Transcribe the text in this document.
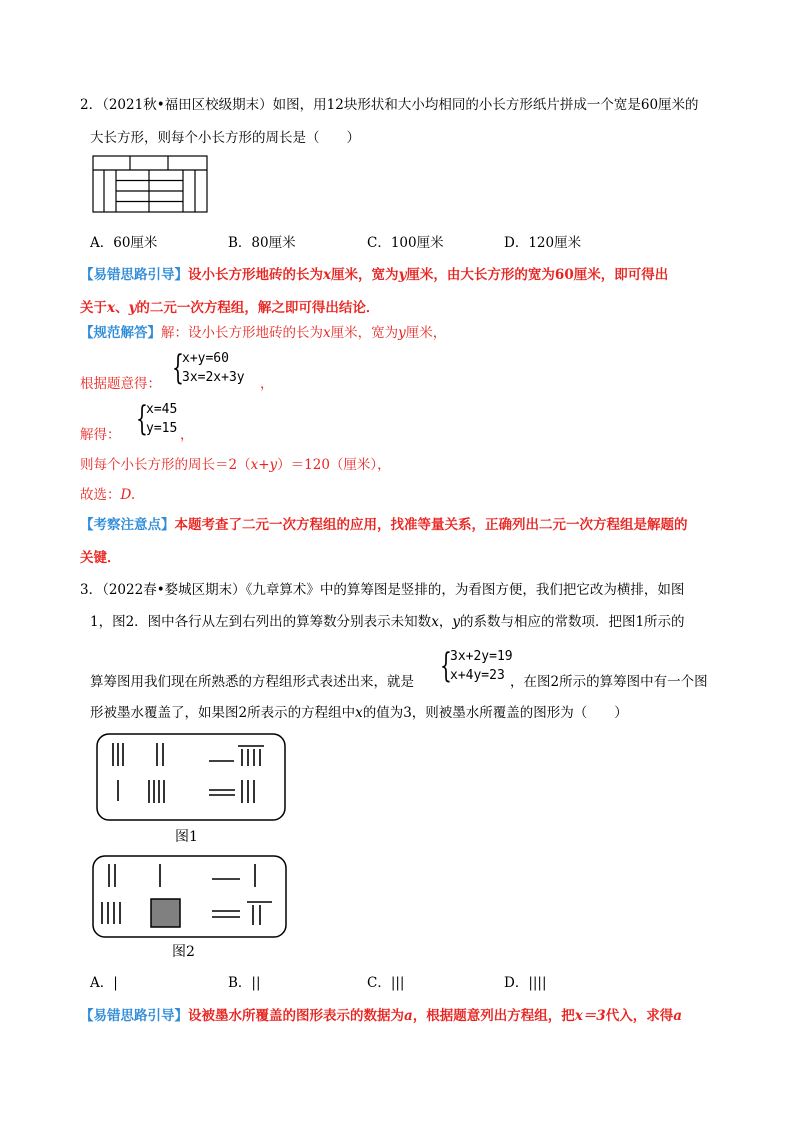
2．（2021秋•福田区校级期末）如图，用12块形状和大小均相同的小长方形纸片拼成一个宽是60厘米的
大长方形，则每个小长方形的周长是（　　）
A．60厘米	B．80厘米	C．100厘米	D．120厘米
【易错思路引导】设小长方形地砖的长为x厘米，宽为y厘米，由大长方形的宽为60厘米，即可得出
关于x、y的二元一次方程组，解之即可得出结论．
【规范解答】解：设小长方形地砖的长为x厘米，宽为y厘米，
根据题意得： {
x+y=60
3x=2x+3y ，
解得： {
x=45
y=15 ，
则每个小长方形的周长＝2（x+y）＝120（厘米），
故选：D.
【考察注意点】本题考查了二元一次方程组的应用，找准等量关系，正确列出二元一次方程组是解题的
关键．
3．（2022春•婺城区期末）《九章算术》中的算筹图是竖排的，为看图方便，我们把它改为横排，如图
1，图2．图中各行从左到右列出的算筹数分别表示未知数x，y的系数与相应的常数项．把图1所示的
算筹图用我们现在所熟悉的方程组形式表述出来，就是 {
3x+2y=19
x+4y=23 ，在图2所示的算筹图中有一个图
形被墨水覆盖了，如果图2所表示的方程组中x的值为3，则被墨水所覆盖的图形为（　　）
图1
图2
A．|	B．||	C．|||	D．||||
【易错思路引导】设被墨水所覆盖的图形表示的数据为a，根据题意列出方程组，把x＝3代入，求得a
